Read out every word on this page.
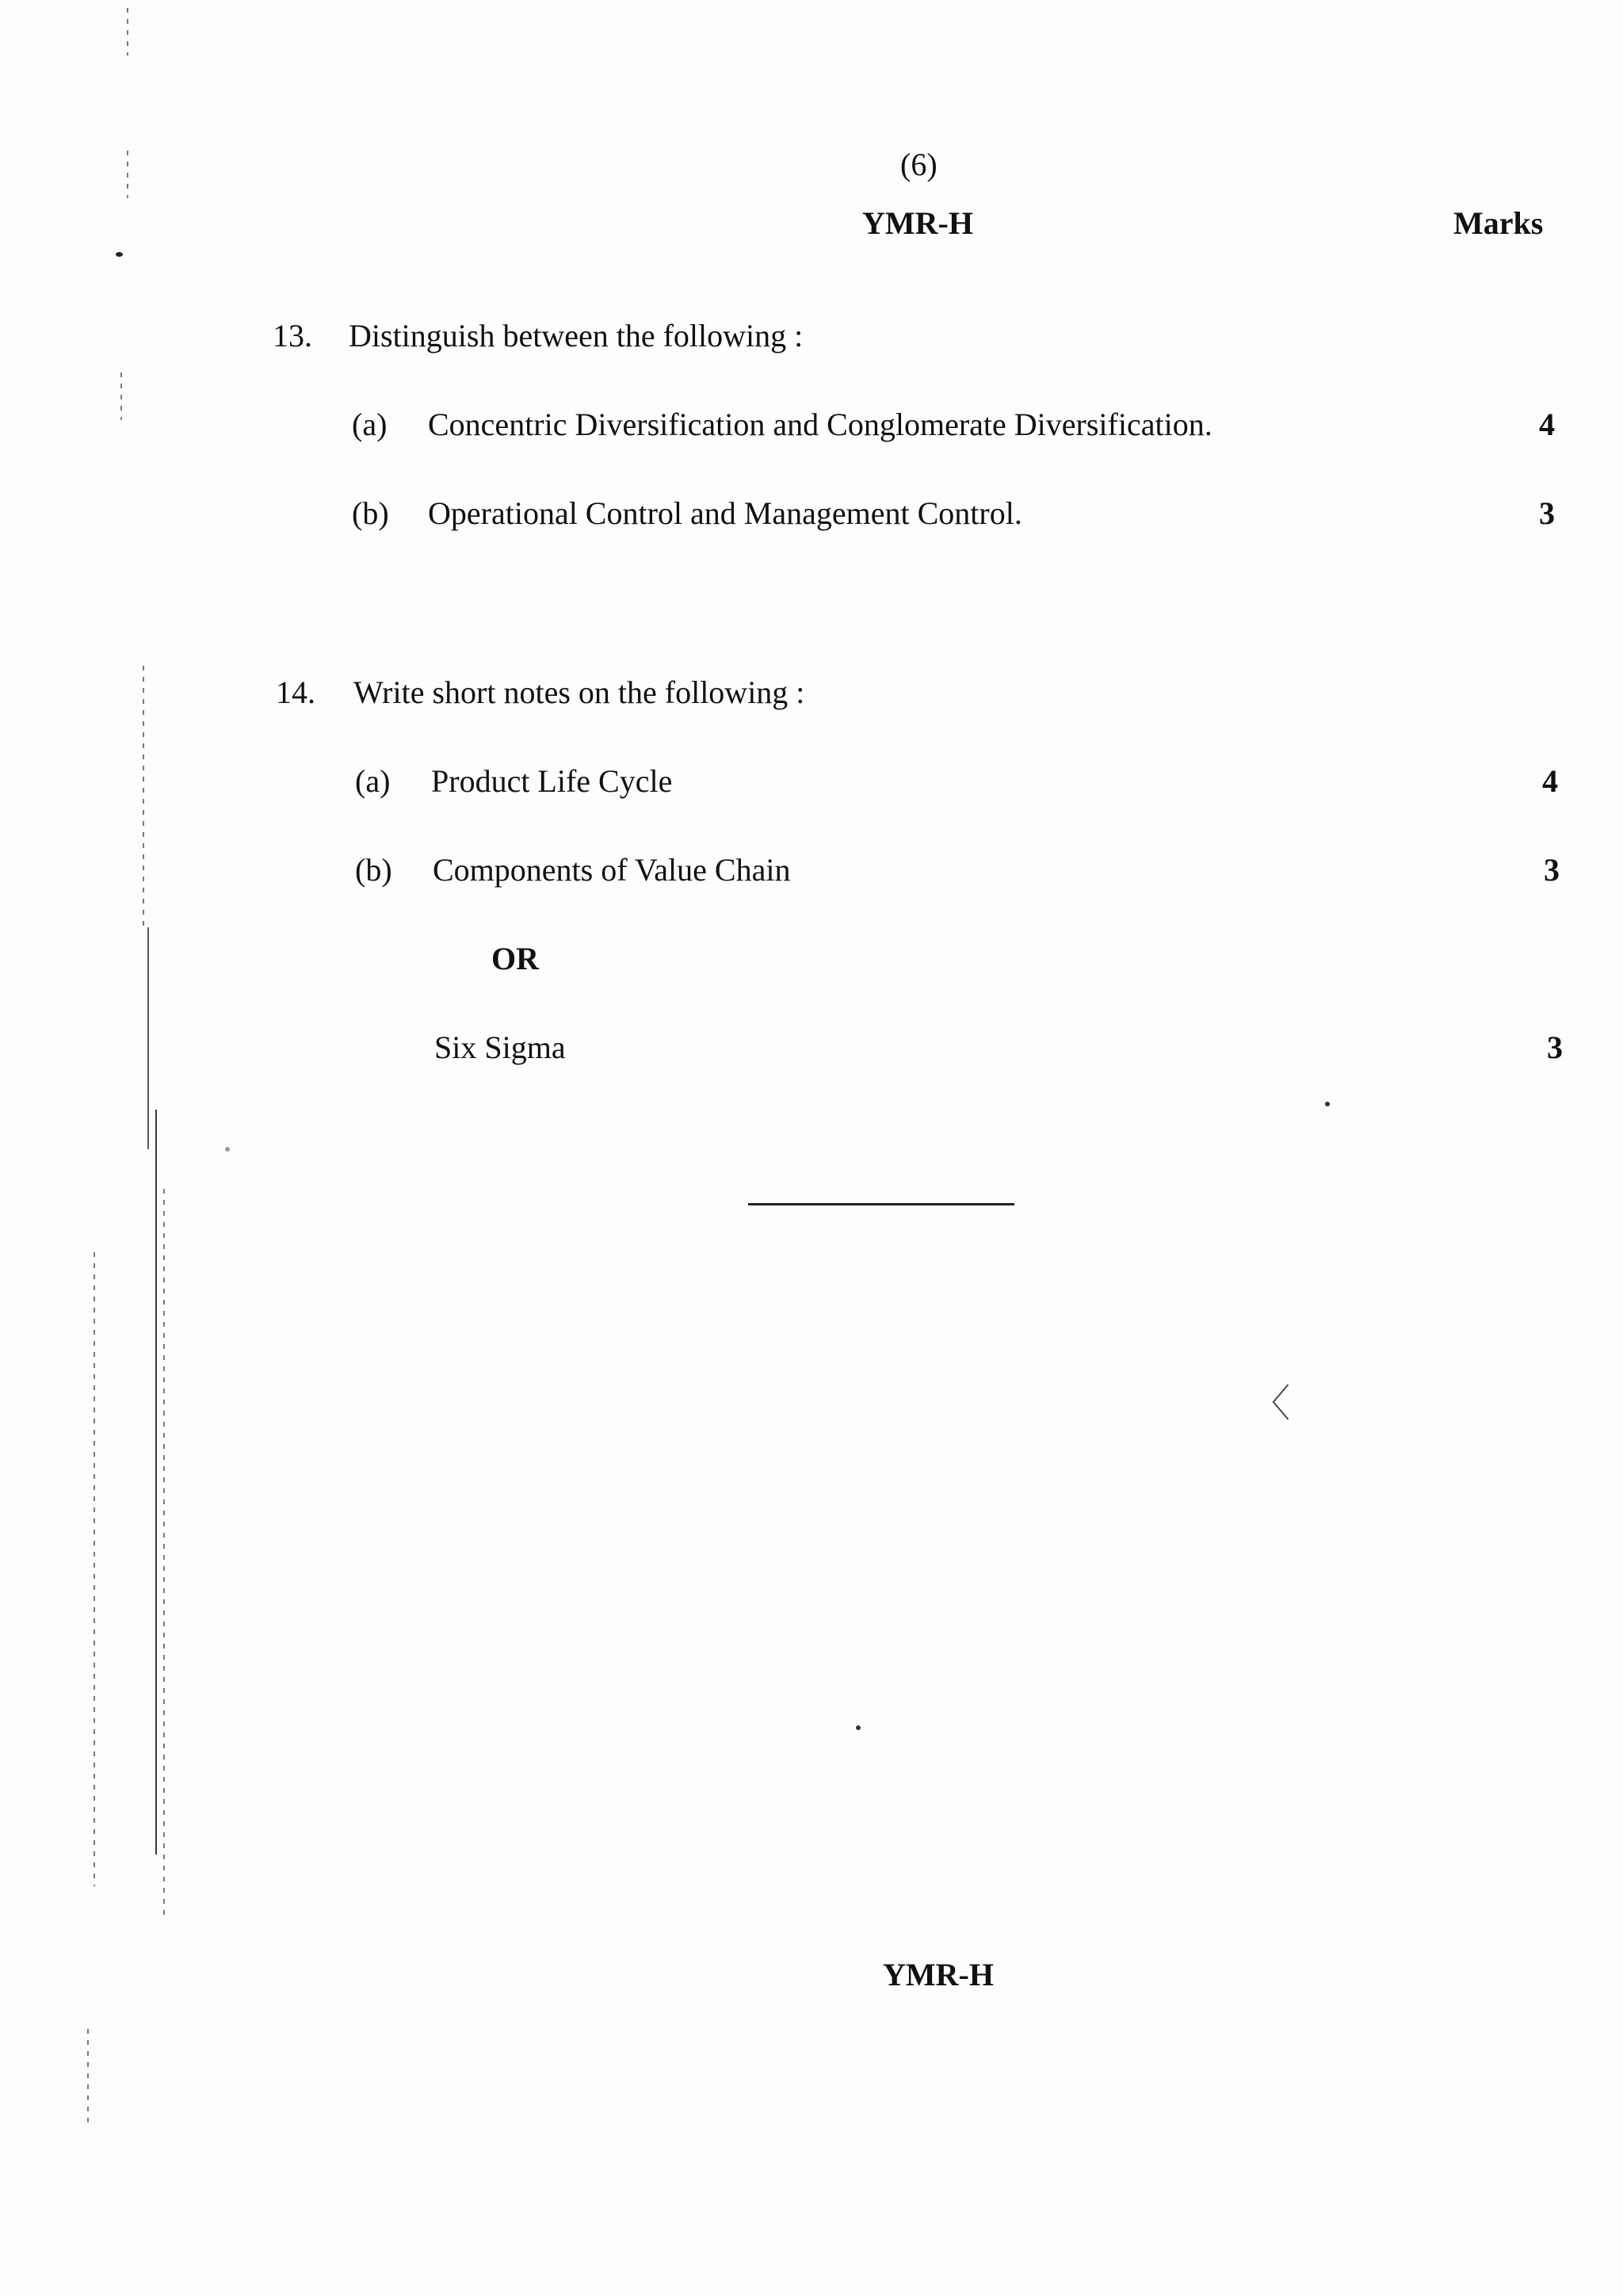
〈
(6)
YMR-H	Marks
13. Distinguish between the following :
(a) Concentric Diversification and Conglomerate Diversification.	4
(b) Operational Control and Management Control.	3
14. Write short notes on the following :
(a) Product Life Cycle	4
(b) Components of Value Chain	3
OR
Six Sigma	3
YMR-H
